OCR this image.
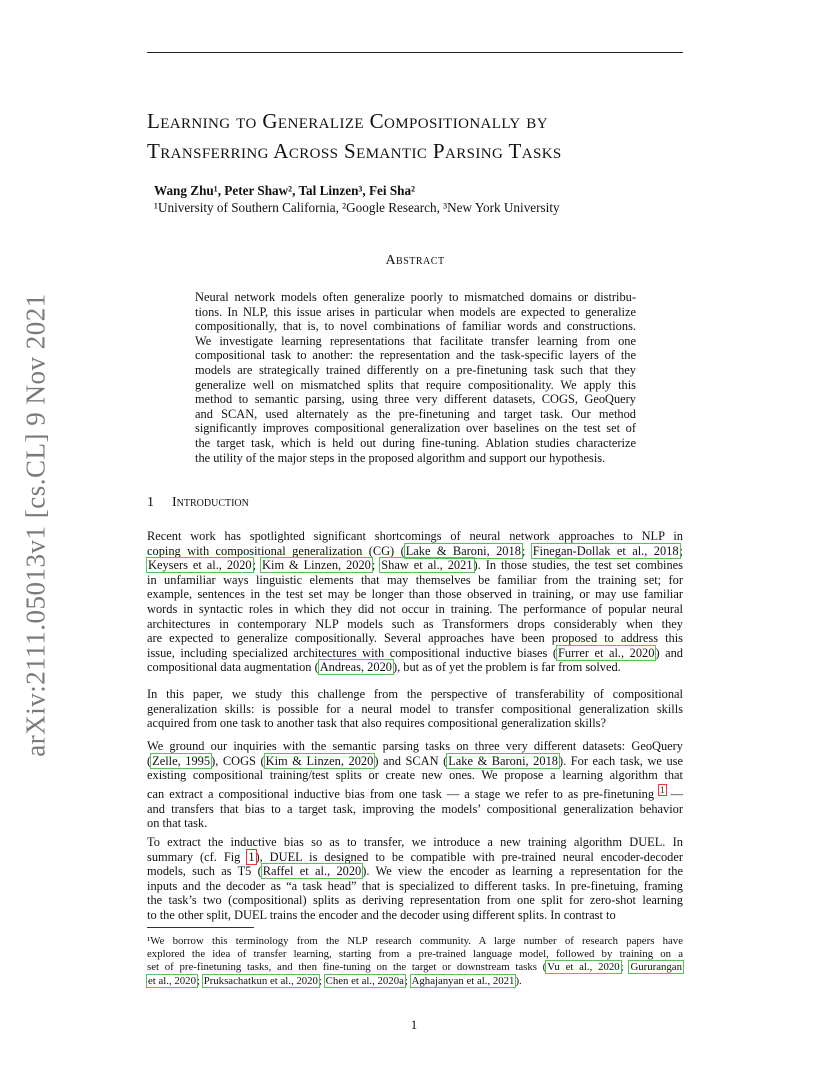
arXiv:2111.05013v1 [cs.CL] 9 Nov 2021
Learning to Generalize Compositionally by
Transferring Across Semantic Parsing Tasks
Wang Zhu¹, Peter Shaw², Tal Linzen³, Fei Sha²
¹University of Southern California, ²Google Research, ³New York University
Abstract
Neural network models often generalize poorly to mismatched domains or distribu-
tions. In NLP, this issue arises in particular when models are expected to generalize
compositionally, that is, to novel combinations of familiar words and constructions.
We investigate learning representations that facilitate transfer learning from one
compositional task to another: the representation and the task-specific layers of the
models are strategically trained differently on a pre-finetuning task such that they
generalize well on mismatched splits that require compositionality. We apply this
method to semantic parsing, using three very different datasets, COGS, GeoQuery
and SCAN, used alternately as the pre-finetuning and target task. Our method
significantly improves compositional generalization over baselines on the test set of
the target task, which is held out during fine-tuning. Ablation studies characterize
the utility of the major steps in the proposed algorithm and support our hypothesis.
1 Introduction
Recent work has spotlighted significant shortcomings of neural network approaches to NLP in
coping with compositional generalization (CG) (Lake & Baroni, 2018; Finegan-Dollak et al., 2018;
Keysers et al., 2020; Kim & Linzen, 2020; Shaw et al., 2021). In those studies, the test set combines
in unfamiliar ways linguistic elements that may themselves be familiar from the training set; for
example, sentences in the test set may be longer than those observed in training, or may use familiar
words in syntactic roles in which they did not occur in training. The performance of popular neural
architectures in contemporary NLP models such as Transformers drops considerably when they
are expected to generalize compositionally. Several approaches have been proposed to address this
issue, including specialized architectures with compositional inductive biases (Furrer et al., 2020) and
compositional data augmentation (Andreas, 2020), but as of yet the problem is far from solved.
In this paper, we study this challenge from the perspective of transferability of compositional
generalization skills: is possible for a neural model to transfer compositional generalization skills
acquired from one task to another task that also requires compositional generalization skills?
We ground our inquiries with the semantic parsing tasks on three very different datasets: GeoQuery
(Zelle, 1995), COGS (Kim & Linzen, 2020) and SCAN (Lake & Baroni, 2018). For each task, we use
existing compositional training/test splits or create new ones. We propose a learning algorithm that
can extract a compositional inductive bias from one task — a stage we refer to as pre-finetuning $^1$ —
and transfers that bias to a target task, improving the models’ compositional generalization behavior
on that task.
To extract the inductive bias so as to transfer, we introduce a new training algorithm DUEL. In
summary (cf. Fig 1), DUEL is designed to be compatible with pre-trained neural encoder-decoder
models, such as T5 (Raffel et al., 2020). We view the encoder as learning a representation for the
inputs and the decoder as “a task head” that is specialized to different tasks. In pre-finetuing, framing
the task’s two (compositional) splits as deriving representation from one split for zero-shot learning
to the other split, DUEL trains the encoder and the decoder using different splits. In contrast to
¹We borrow this terminology from the NLP research community. A large number of research papers have
explored the idea of transfer learning, starting from a pre-trained language model, followed by training on a
set of pre-finetuning tasks, and then fine-tuning on the target or downstream tasks (Vu et al., 2020; Gururangan
et al., 2020; Pruksachatkun et al., 2020; Chen et al., 2020a; Aghajanyan et al., 2021).
1
